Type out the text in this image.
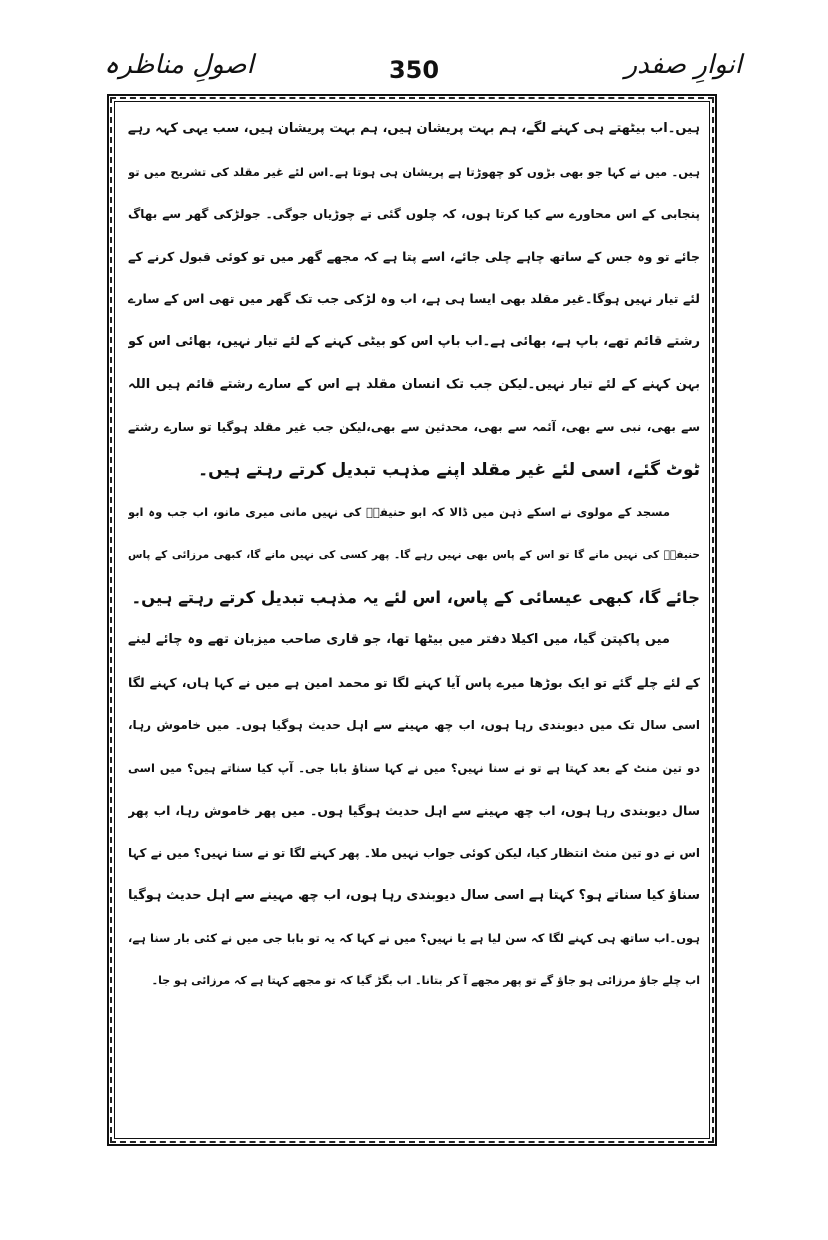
انوارِ صفدر
350
اصولِ مناظرہ
ہیں۔اب بیٹھتے ہی کہنے لگے، ہم بہت پریشان ہیں، ہم بہت پریشان ہیں، سب یہی کہہ رہے
ہیں۔ میں نے کہا جو بھی بڑوں کو چھوڑتا ہے پریشان ہی ہوتا ہے۔اس لئے غیر مقلد کی تشریح میں تو
پنجابی کے اس محاورے سے کیا کرتا ہوں، کہ چلوں گئی تے چوڑیاں جوگی۔ جولڑکی گھر سے بھاگ
جائے تو وہ جس کے ساتھ چاہے چلی جائے، اسے پتا ہے کہ مجھے گھر میں تو کوئی قبول کرنے کے
لئے تیار نہیں ہوگا۔غیر مقلد بھی ایسا ہی ہے، اب وہ لڑکی جب تک گھر میں تھی اس کے سارے
رشتے قائم تھے، باپ ہے، بھائی ہے۔اب باپ اس کو بیٹی کہنے کے لئے تیار نہیں، بھائی اس کو
بہن کہنے کے لئے تیار نہیں۔لیکن جب تک انسان مقلد ہے اس کے سارے رشتے قائم ہیں اللہ
سے بھی، نبی سے بھی، آئمہ سے بھی، محدثین سے بھی،لیکن جب غیر مقلد ہوگیا تو سارے رشتے
ٹوٹ گئے، اسی لئے غیر مقلد اپنے مذہب تبدیل کرتے رہتے ہیں۔
مسجد کے مولوی نے اسکے ذہن میں ڈالا کہ ابو حنیفہؒ کی نہیں مانی میری مانو، اب جب وہ ابو
حنیفہؒ کی نہیں مانے گا تو اس کے پاس بھی نہیں رہے گا۔ پھر کسی کی نہیں مانے گا، کبھی مرزائی کے پاس
جائے گا، کبھی عیسائی کے پاس، اس لئے یہ مذہب تبدیل کرتے رہتے ہیں۔
میں پاکپتن گیا، میں اکیلا دفتر میں بیٹھا تھا، جو قاری صاحب میزبان تھے وہ چائے لینے
کے لئے چلے گئے تو ایک بوڑھا میرے پاس آیا کہنے لگا تو محمد امین ہے میں نے کہا ہاں، کہنے لگا
اسی سال تک میں دیوبندی رہا ہوں، اب چھ مہینے سے اہل حدیث ہوگیا ہوں۔ میں خاموش رہا،
دو تین منٹ کے بعد کہتا ہے تو نے سنا نہیں؟ میں نے کہا سناؤ بابا جی۔ آپ کیا سناتے ہیں؟ میں اسی
سال دیوبندی رہا ہوں، اب چھ مہینے سے اہل حدیث ہوگیا ہوں۔ میں پھر خاموش رہا، اب پھر
اس نے دو تین منٹ انتظار کیا، لیکن کوئی جواب نہیں ملا۔ پھر کہنے لگا تو نے سنا نہیں؟ میں نے کہا
سناؤ کیا سناتے ہو؟ کہتا ہے اسی سال دیوبندی رہا ہوں، اب چھ مہینے سے اہل حدیث ہوگیا
ہوں۔اب ساتھ ہی کہنے لگا کہ سن لیا ہے یا نہیں؟ میں نے کہا کہ یہ تو بابا جی میں نے کئی بار سنا ہے،
اب چلے جاؤ مرزائی ہو جاؤ گے تو پھر مجھے آ کر بتانا۔ اب بگڑ گیا کہ تو مجھے کہتا ہے کہ مرزائی ہو جا۔
